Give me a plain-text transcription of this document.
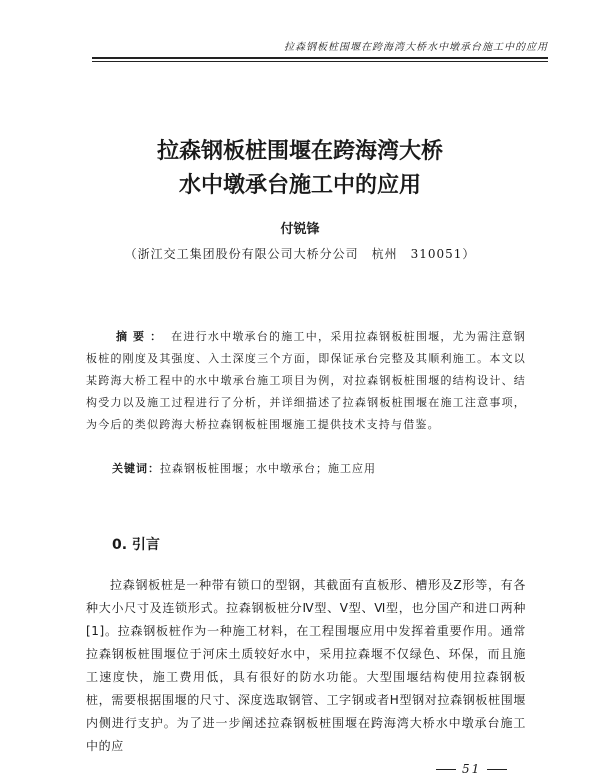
拉森钢板桩围堰在跨海湾大桥水中墩承台施工中的应用
拉森钢板桩围堰在跨海湾大桥
水中墩承台施工中的应用
付锐锋
（浙江交工集团股份有限公司大桥分公司　杭州　310051）
摘要： 在进行水中墩承台的施工中，采用拉森钢板桩围堰，尤为需注意钢板桩的刚度及其强度、入土深度三个方面，即保证承台完整及其顺利施工。本文以某跨海大桥工程中的水中墩承台施工项目为例，对拉森钢板桩围堰的结构设计、结构受力以及施工过程进行了分析，并详细描述了拉森钢板桩围堰在施工注意事项，为今后的类似跨海大桥拉森钢板桩围堰施工提供技术支持与借鉴。
关键词：拉森钢板桩围堰；水中墩承台；施工应用
0. 引言
拉森钢板桩是一种带有锁口的型钢，其截面有直板形、槽形及Z形等，有各种大小尺寸及连锁形式。拉森钢板桩分Ⅳ型、Ⅴ型、Ⅵ型，也分国产和进口两种[1]。拉森钢板桩作为一种施工材料，在工程围堰应用中发挥着重要作用。通常拉森钢板桩围堰位于河床土质较好水中，采用拉森堰不仅绿色、环保，而且施工速度快，施工费用低，具有很好的防水功能。大型围堰结构使用拉森钢板桩，需要根据围堰的尺寸、深度选取钢管、工字钢或者H型钢对拉森钢板桩围堰内侧进行支护。为了进一步阐述拉森钢板桩围堰在跨海湾大桥水中墩承台施工中的应
51
